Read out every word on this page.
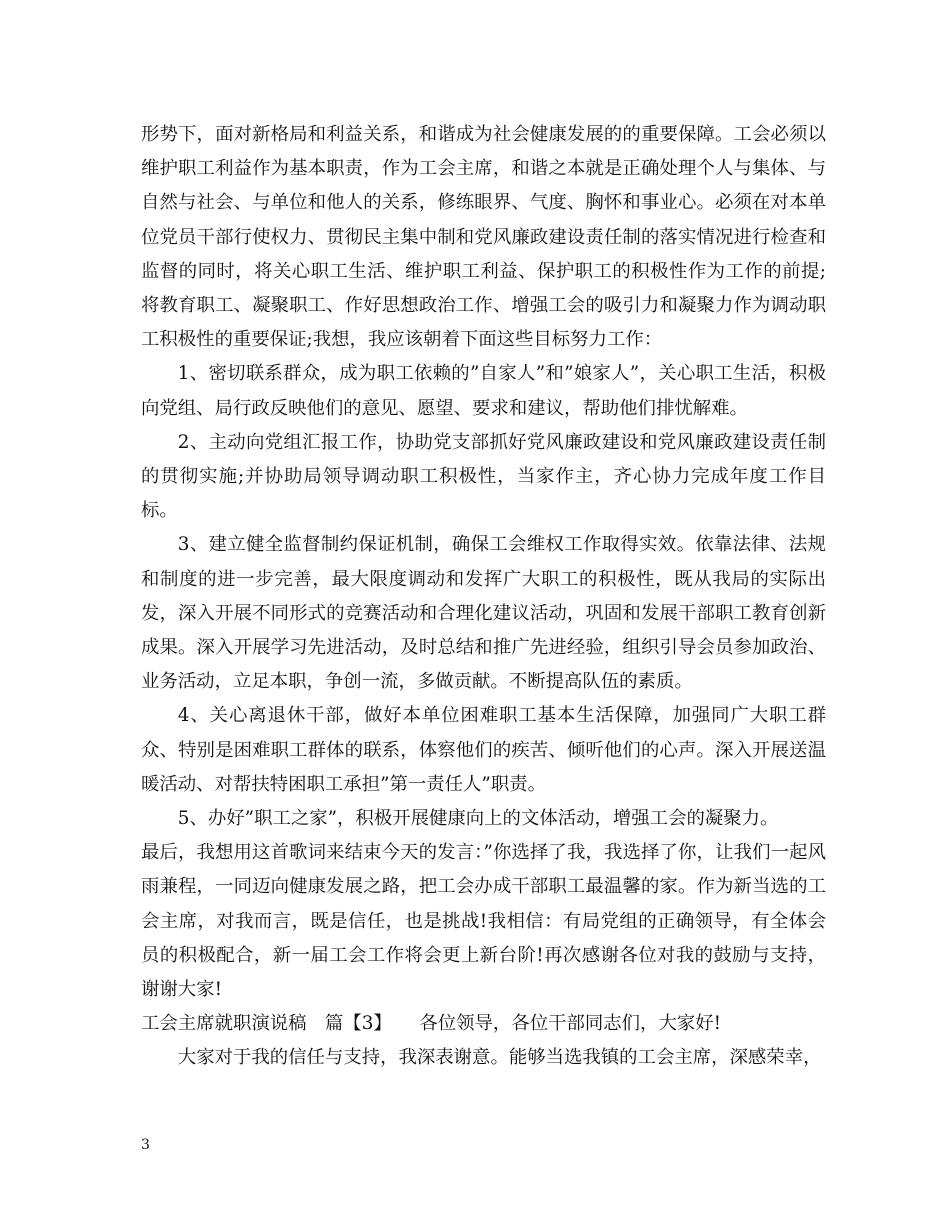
形势下，面对新格局和利益关系，和谐成为社会健康发展的的重要保障。工会必须以维护职工利益作为基本职责，作为工会主席，和谐之本就是正确处理个人与集体、与自然与社会、与单位和他人的关系，修练眼界、气度、胸怀和事业心。必须在对本单位党员干部行使权力、贯彻民主集中制和党风廉政建设责任制的落实情况进行检查和监督的同时，将关心职工生活、维护职工利益、保护职工的积极性作为工作的前提;将教育职工、凝聚职工、作好思想政治工作、增强工会的吸引力和凝聚力作为调动职工积极性的重要保证;我想，我应该朝着下面这些目标努力工作：

1、密切联系群众，成为职工依赖的”自家人”和”娘家人”，关心职工生活，积极向党组、局行政反映他们的意见、愿望、要求和建议，帮助他们排忧解难。

2、主动向党组汇报工作，协助党支部抓好党风廉政建设和党风廉政建设责任制的贯彻实施;并协助局领导调动职工积极性，当家作主，齐心协力完成年度工作目标。

3、建立健全监督制约保证机制，确保工会维权工作取得实效。依靠法律、法规和制度的进一步完善，最大限度调动和发挥广大职工的积极性，既从我局的实际出发，深入开展不同形式的竞赛活动和合理化建议活动，巩固和发展干部职工教育创新成果。深入开展学习先进活动，及时总结和推广先进经验，组织引导会员参加政治、业务活动，立足本职，争创一流，多做贡献。不断提高队伍的素质。

4、关心离退休干部，做好本单位困难职工基本生活保障，加强同广大职工群众、特别是困难职工群体的联系，体察他们的疾苦、倾听他们的心声。深入开展送温暖活动、对帮扶特困职工承担”第一责任人”职责。

5、办好”职工之家”，积极开展健康向上的文体活动，增强工会的凝聚力。

最后，我想用这首歌词来结束今天的发言：”你选择了我，我选择了你，让我们一起风雨兼程，一同迈向健康发展之路，把工会办成干部职工最温馨的家。作为新当选的工会主席，对我而言，既是信任，也是挑战!我相信：有局党组的正确领导，有全体会员的积极配合，新一届工会工作将会更上新台阶!再次感谢各位对我的鼓励与支持，谢谢大家!

工会主席就职演说稿　篇【3】　　各位领导，各位干部同志们，大家好!

大家对于我的信任与支持，我深表谢意。能够当选我镇的工会主席，深感荣幸，

3
